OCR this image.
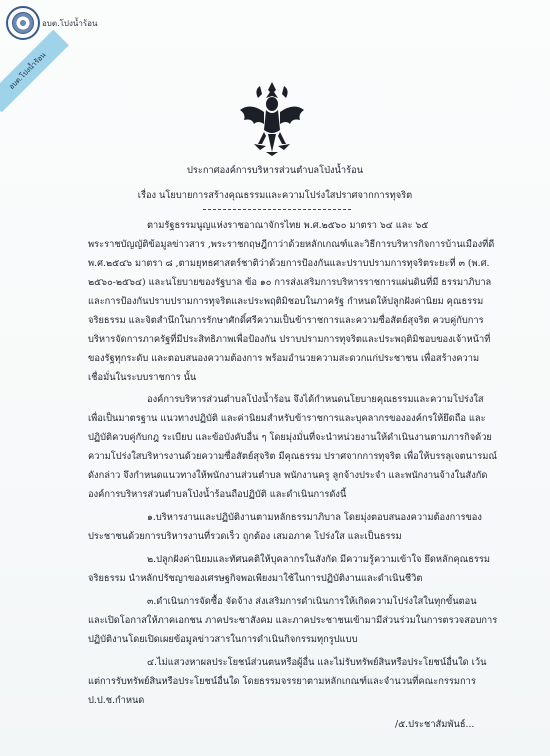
อบต.โปงน้ำร้อน
อบต.โปงน้ำร้อน
ประกาศองค์การบริหารส่วนตำบลโป่งน้ำร้อน
เรื่อง นโยบายการสร้างคุณธรรมและความโปร่งใสปราศจากการทุจริต
ตามรัฐธรรมนูญแห่งราชอาณาจักรไทย พ.ศ.๒๕๖๐ มาตรา ๖๔ และ ๖๕
พระราชบัญญัติข้อมูลข่าวสาร ,พระราชกฤษฎีกาว่าด้วยหลักเกณฑ์และวิธีการบริหารกิจการบ้านเมืองที่ดี
พ.ศ.๒๕๔๖ มาตรา ๘ ,ตามยุทธศาสตร์ชาติว่าด้วยการป้องกันและปราบปรามการทุจริตระยะที่ ๓ (พ.ศ.
๒๕๖๐-๒๕๖๔) และนโยบายของรัฐบาล ข้อ ๑๐ การส่งเสริมการบริหารราชการแผ่นดินที่มี ธรรมาภิบาล
และการป้องกันปราบปรามการทุจริตและประพฤติมิชอบในภาครัฐ กำหนดให้ปลูกฝังค่านิยม คุณธรรม
จริยธรรม และจิตสำนึกในการรักษาศักดิ์ศรีความเป็นข้าราชการและความซื่อสัตย์สุจริต ควบคู่กับการ
บริหารจัดการภาครัฐที่มีประสิทธิภาพเพื่อป้องกัน ปราบปรามการทุจริตและประพฤติมิชอบของเจ้าหน้าที่
ของรัฐทุกระดับ และตอบสนองความต้องการ พร้อมอำนวยความสะดวกแก่ประชาชน เพื่อสร้างความ
เชื่อมั่นในระบบราชการ นั้น
องค์การบริหารส่วนตำบลโป่งน้ำร้อน จึงได้กำหนดนโยบายคุณธรรมและความโปร่งใส
เพื่อเป็นมาตรฐาน แนวทางปฏิบัติ และค่านิยมสำหรับข้าราชการและบุคลากรขององค์กรให้ยึดถือ และ
ปฏิบัติควบคู่กับกฎ ระเบียบ และข้อบังคับอื่น ๆ โดยมุ่งมั่นที่จะนำหน่วยงานให้ดำเนินงานตามภารกิจด้วย
ความโปร่งใสบริหารงานด้วยความซื่อสัตย์สุจริต มีคุณธรรม ปราศจากการทุจริต เพื่อให้บรรลุเจตนารมณ์
ดังกล่าว จึงกำหนดแนวทางให้พนักงานส่วนตำบล พนักงานครู ลูกจ้างประจำ และพนักงานจ้างในสังกัด
องค์การบริหารส่วนตำบลโป่งน้ำร้อนถือปฏิบัติ และดำเนินการดังนี้
๑.บริหารงานและปฏิบัติงานตามหลักธรรมาภิบาล โดยมุ่งตอบสนองความต้องการของ
ประชาชนด้วยการบริหารงานที่รวดเร็ว ถูกต้อง เสมอภาค โปร่งใส และเป็นธรรม
๒.ปลูกฝังค่านิยมและทัศนคติให้บุคลากรในสังกัด มีความรู้ความเข้าใจ ยึดหลักคุณธรรม
จริยธรรม นำหลักปรัชญาของเศรษฐกิจพอเพียงมาใช้ในการปฏิบัติงานและดำเนินชีวิต
๓.ดำเนินการจัดซื้อ จัดจ้าง ส่งเสริมการดำเนินการให้เกิดความโปร่งใสในทุกขั้นตอน
และเปิดโอกาสให้ภาคเอกชน ภาคประชาสังคม และภาคประชาชนเข้ามามีส่วนร่วมในการตรวจสอบการ
ปฏิบัติงานโดยเปิดเผยข้อมูลข่าวสารในการดำเนินกิจกรรมทุกรูปแบบ
๔.ไม่แสวงหาผลประโยชน์ส่วนตนหรือผู้อื่น และไม่รับทรัพย์สินหรือประโยชน์อื่นใด เว้น
แต่การรับทรัพย์สินหรือประโยชน์อื่นใด โดยธรรมจรรยาตามหลักเกณฑ์และจำนวนที่คณะกรรมการ
ป.ป.ช.กำหนด
/๕.ประชาสัมพันธ์...
